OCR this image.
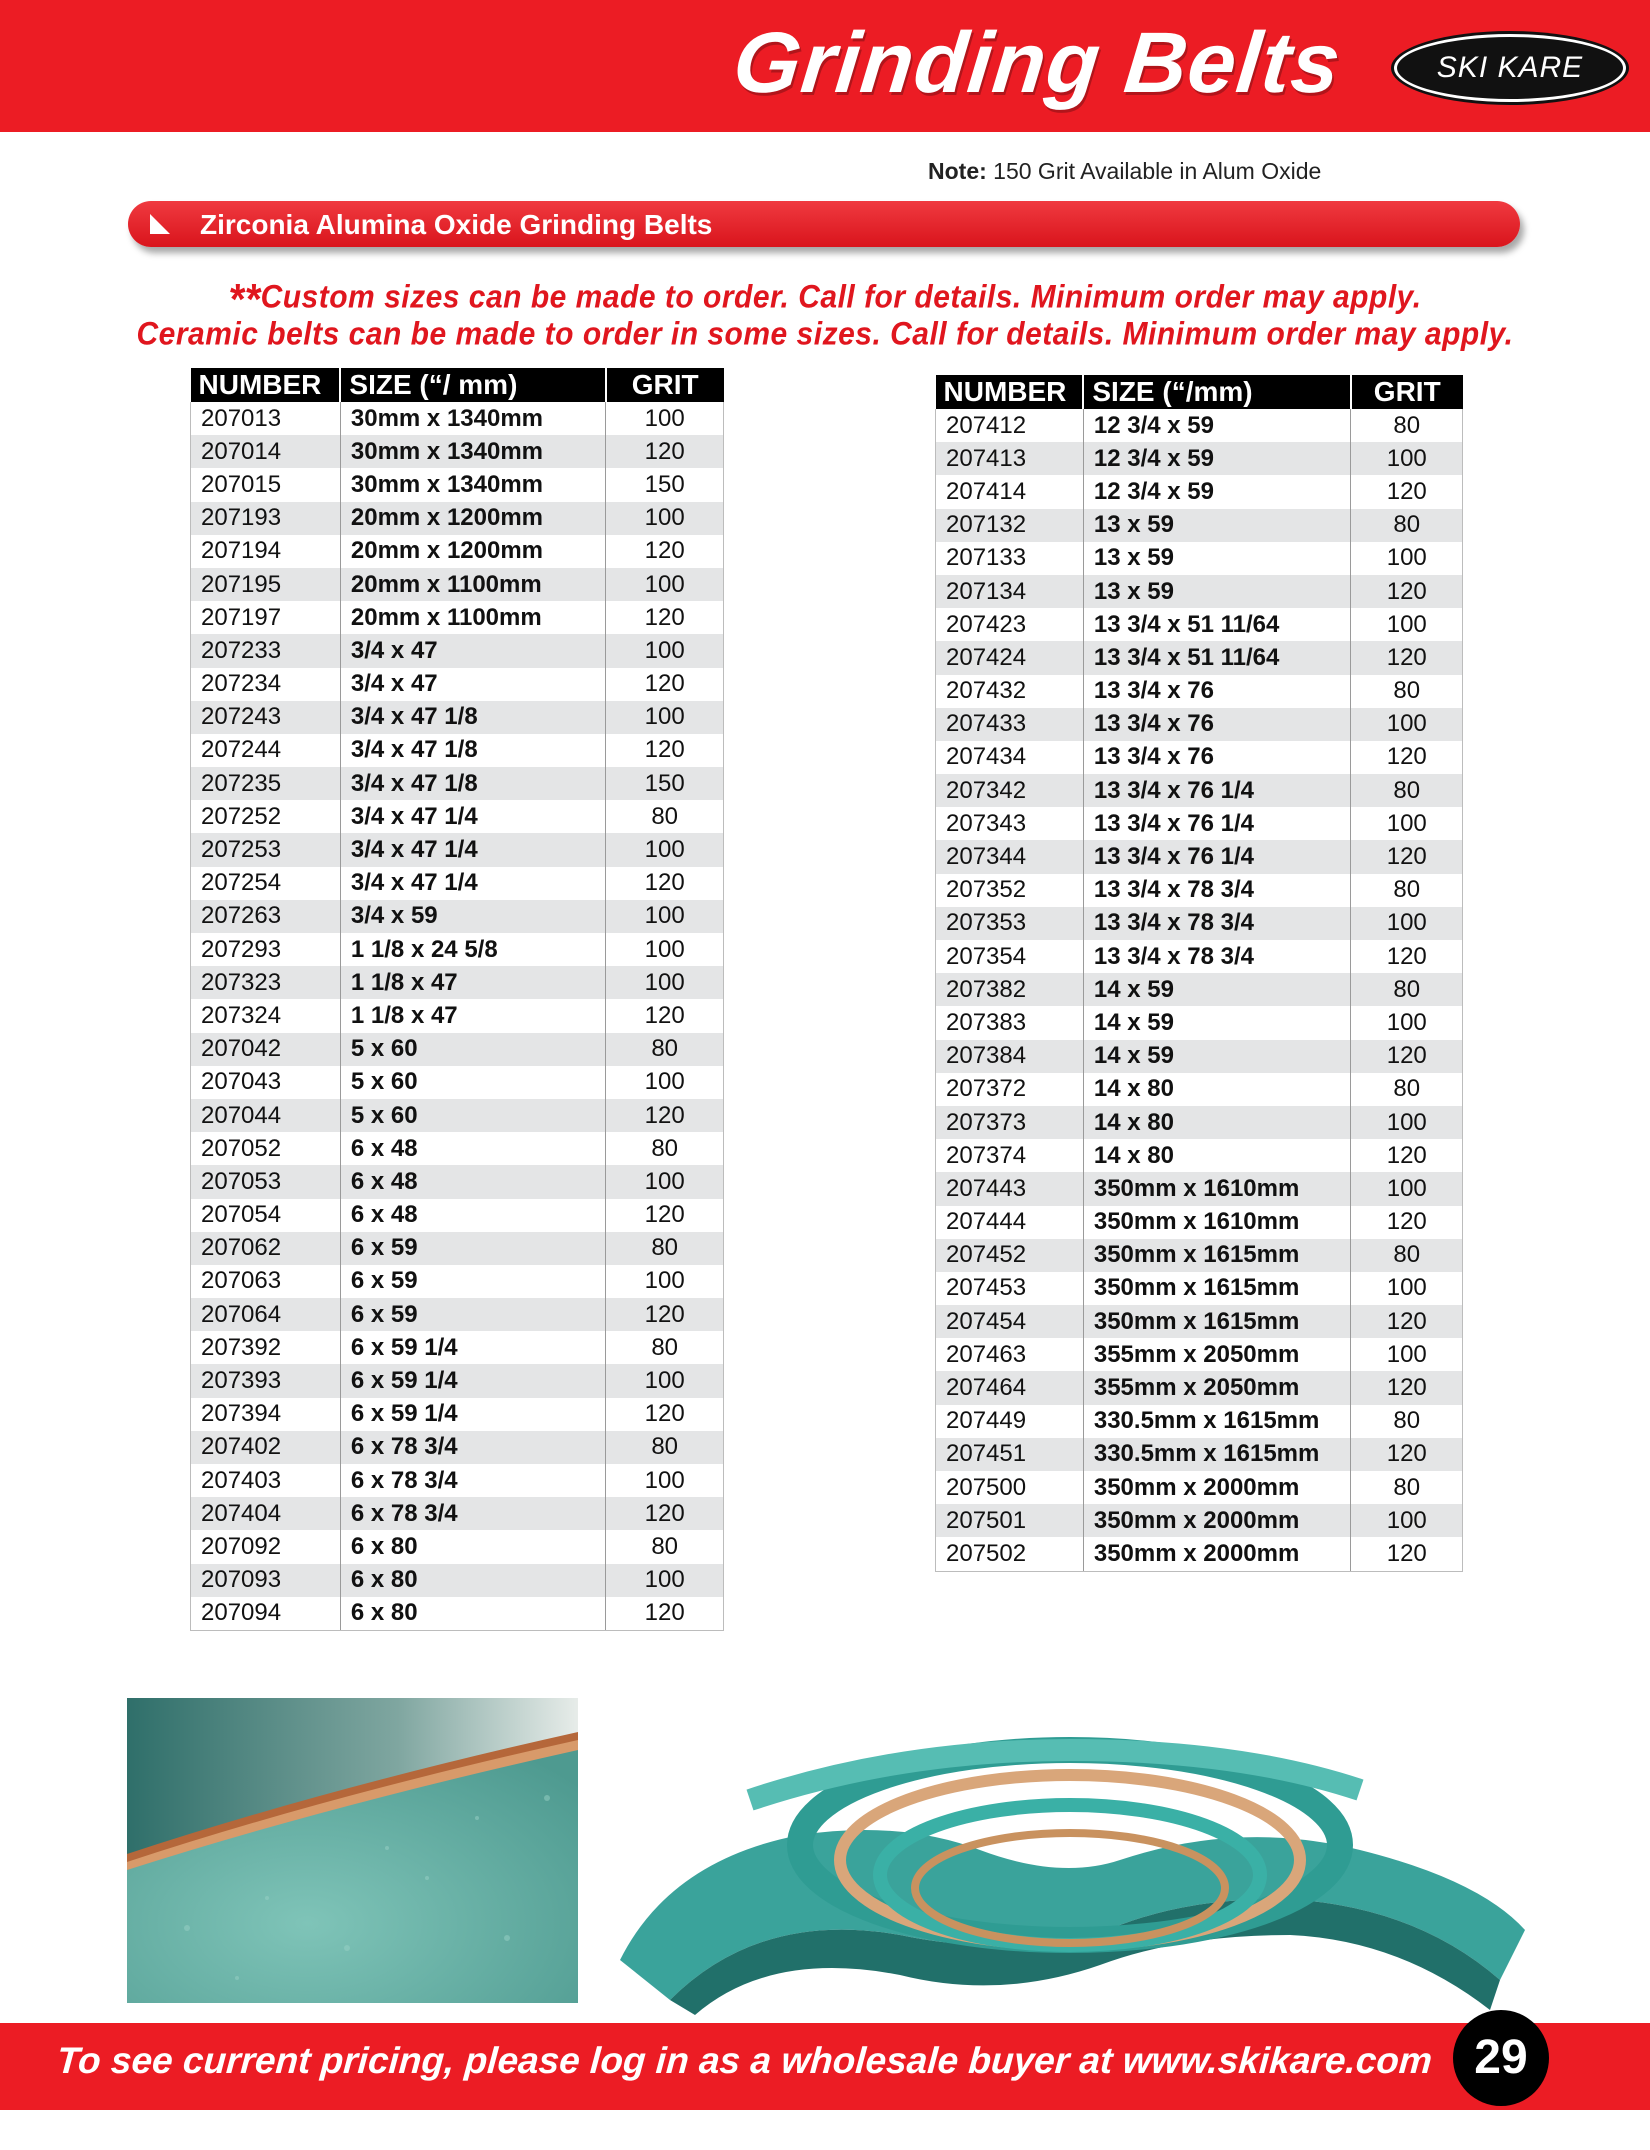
Grinding Belts	SKI KARE
Note: 150 Grit Available in Alum Oxide
Zirconia Alumina Oxide Grinding Belts
**Custom sizes can be made to order. Call for details. Minimum order may apply.
Ceramic belts can be made to order in some sizes. Call for details. Minimum order may apply.
NUMBER	SIZE (“/ mm)	GRIT
207013	30mm x 1340mm	100
207014	30mm x 1340mm	120
207015	30mm x 1340mm	150
207193	20mm x 1200mm	100
207194	20mm x 1200mm	120
207195	20mm x 1100mm	100
207197	20mm x 1100mm	120
207233	3/4 x 47	100
207234	3/4 x 47	120
207243	3/4 x 47 1/8	100
207244	3/4 x 47 1/8	120
207235	3/4 x 47 1/8	150
207252	3/4 x 47 1/4	80
207253	3/4 x 47 1/4	100
207254	3/4 x 47 1/4	120
207263	3/4 x 59	100
207293	1 1/8 x 24 5/8	100
207323	1 1/8 x 47	100
207324	1 1/8 x 47	120
207042	5 x 60	80
207043	5 x 60	100
207044	5 x 60	120
207052	6 x 48	80
207053	6 x 48	100
207054	6 x 48	120
207062	6 x 59	80
207063	6 x 59	100
207064	6 x 59	120
207392	6 x 59 1/4	80
207393	6 x 59 1/4	100
207394	6 x 59 1/4	120
207402	6 x 78 3/4	80
207403	6 x 78 3/4	100
207404	6 x 78 3/4	120
207092	6 x 80	80
207093	6 x 80	100
207094	6 x 80	120
NUMBER	SIZE (“/mm)	GRIT
207412	12 3/4 x 59	80
207413	12 3/4 x 59	100
207414	12 3/4 x 59	120
207132	13 x 59	80
207133	13 x 59	100
207134	13 x 59	120
207423	13 3/4 x 51 11/64	100
207424	13 3/4 x 51 11/64	120
207432	13 3/4 x 76	80
207433	13 3/4 x 76	100
207434	13 3/4 x 76	120
207342	13 3/4 x 76 1/4	80
207343	13 3/4 x 76 1/4	100
207344	13 3/4 x 76 1/4	120
207352	13 3/4 x 78 3/4	80
207353	13 3/4 x 78 3/4	100
207354	13 3/4 x 78 3/4	120
207382	14 x 59	80
207383	14 x 59	100
207384	14 x 59	120
207372	14 x 80	80
207373	14 x 80	100
207374	14 x 80	120
207443	350mm x 1610mm	100
207444	350mm x 1610mm	120
207452	350mm x 1615mm	80
207453	350mm x 1615mm	100
207454	350mm x 1615mm	120
207463	355mm x 2050mm	100
207464	355mm x 2050mm	120
207449	330.5mm x 1615mm	80
207451	330.5mm x 1615mm	120
207500	350mm x 2000mm	80
207501	350mm x 2000mm	100
207502	350mm x 2000mm	120
To see current pricing, please log in as a wholesale buyer at www.skikare.com 29
